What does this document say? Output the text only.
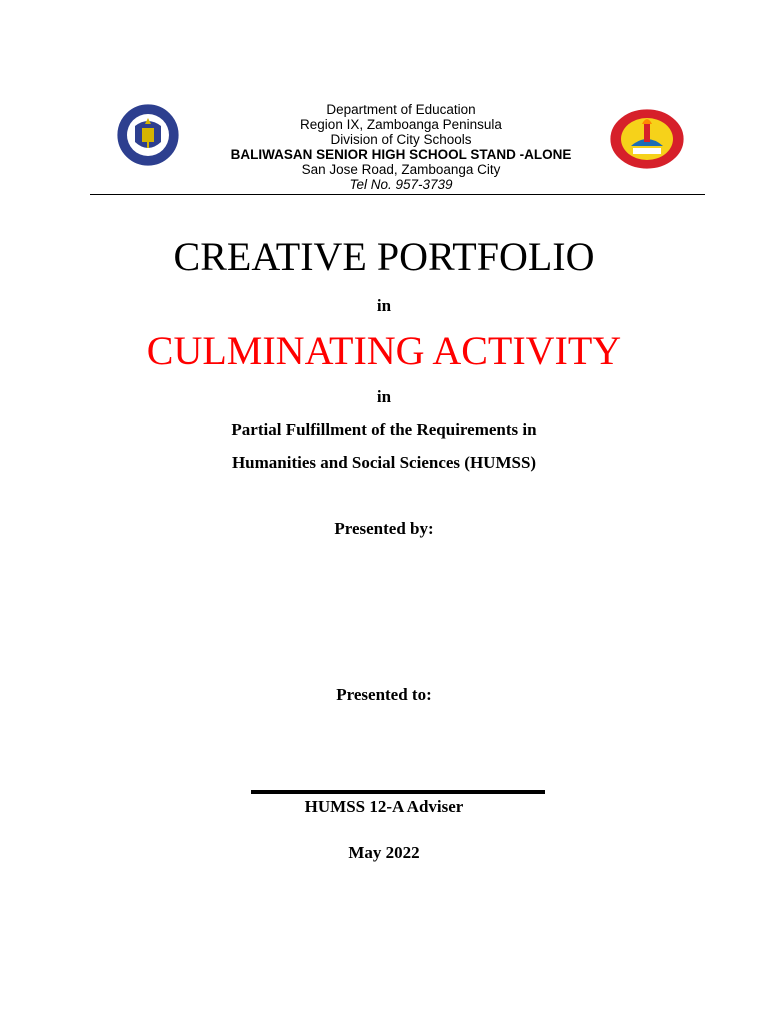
Department of Education
Region IX, Zamboanga Peninsula
Division of City Schools
BALIWASAN SENIOR HIGH SCHOOL STAND -ALONE
San Jose Road, Zamboanga City
Tel No. 957-3739
CREATIVE PORTFOLIO
in
CULMINATING ACTIVITY
in
Partial Fulfillment of the Requirements in
Humanities and Social Sciences (HUMSS)
Presented by:
Presented to:
HUMSS 12-A Adviser
May 2022
